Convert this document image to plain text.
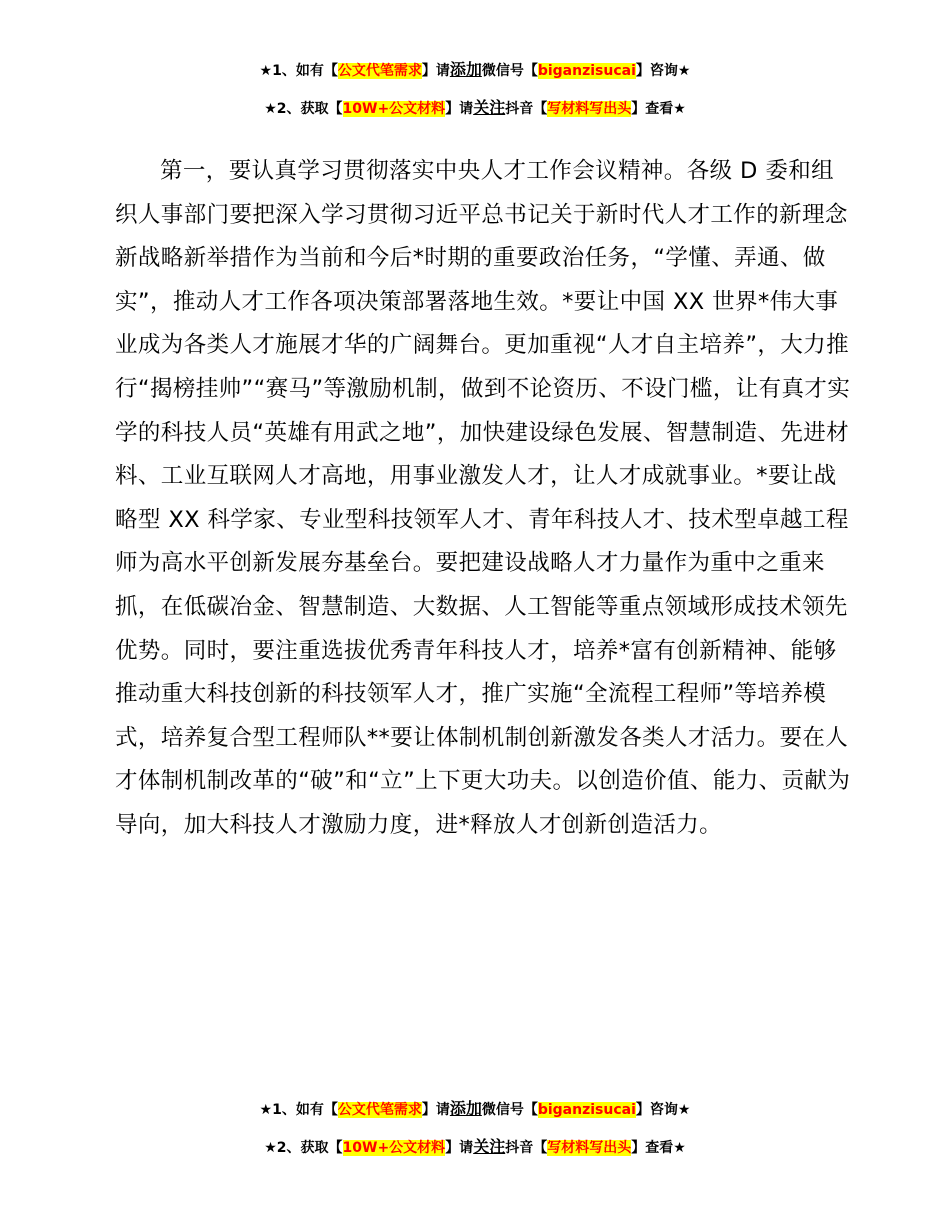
★1、如有【公文代笔需求】请添加微信号【biganzisucai】咨询★
★2、获取【10W+公文材料】请关注抖音【写材料写出头】查看★

第一，要认真学习贯彻落实中央人才工作会议精神。各级 D 委和组织人事部门要把深入学习贯彻习近平总书记关于新时代人才工作的新理念新战略新举措作为当前和今后*时期的重要政治任务，“学懂、弄通、做实”，推动人才工作各项决策部署落地生效。*要让中国 XX 世界*伟大事业成为各类人才施展才华的广阔舞台。更加重视“人才自主培养”，大力推行“揭榜挂帅”“赛马”等激励机制，做到不论资历、不设门槛，让有真才实学的科技人员“英雄有用武之地”，加快建设绿色发展、智慧制造、先进材料、工业互联网人才高地，用事业激发人才，让人才成就事业。*要让战略型 XX 科学家、专业型科技领军人才、青年科技人才、技术型卓越工程师为高水平创新发展夯基垒台。要把建设战略人才力量作为重中之重来抓，在低碳冶金、智慧制造、大数据、人工智能等重点领域形成技术领先优势。同时，要注重选拔优秀青年科技人才，培养*富有创新精神、能够推动重大科技创新的科技领军人才，推广实施“全流程工程师”等培养模式，培养复合型工程师队**要让体制机制创新激发各类人才活力。要在人才体制机制改革的“破”和“立”上下更大功夫。以创造价值、能力、贡献为导向，加大科技人才激励力度，进*释放人才创新创造活力。

★1、如有【公文代笔需求】请添加微信号【biganzisucai】咨询★
★2、获取【10W+公文材料】请关注抖音【写材料写出头】查看★
